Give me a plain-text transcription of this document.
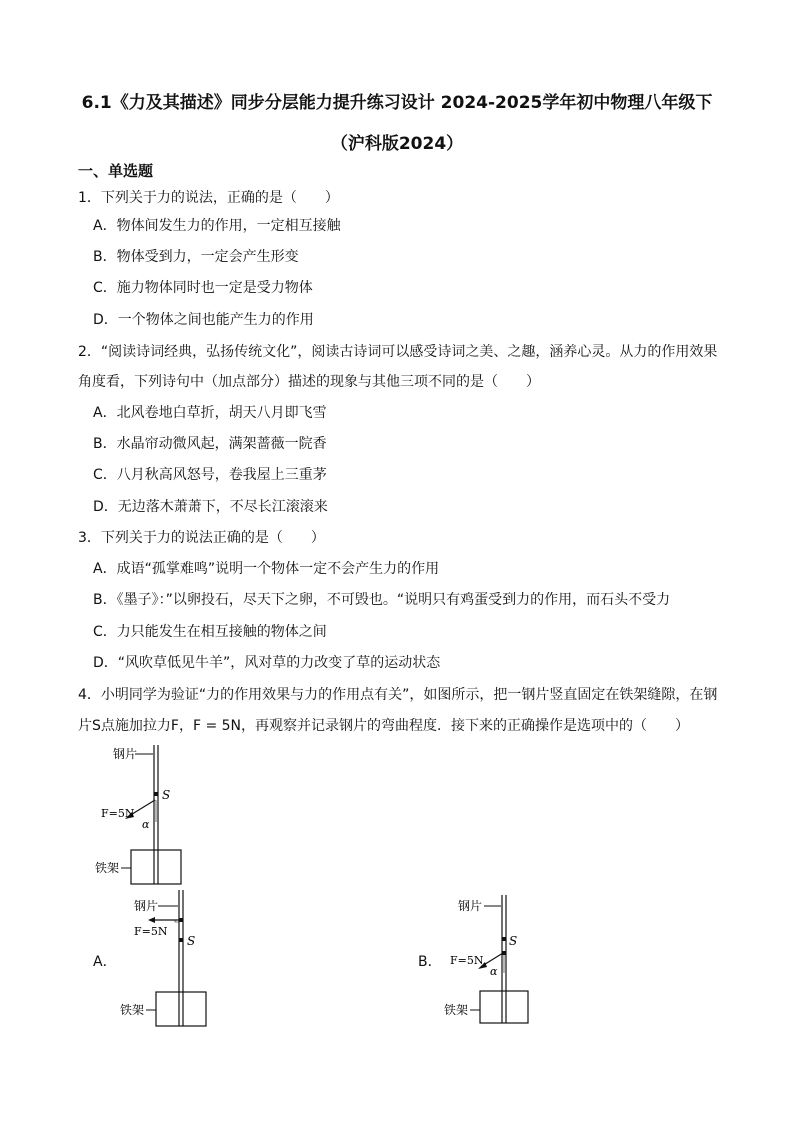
6.1《力及其描述》同步分层能力提升练习设计 2024-2025学年初中物理八年级下
（沪科版2024）
一、单选题
1．下列关于力的说法，正确的是（　　）
A．物体间发生力的作用，一定相互接触
B．物体受到力，一定会产生形变
C．施力物体同时也一定是受力物体
D．一个物体之间也能产生力的作用
2．“阅读诗词经典，弘扬传统文化”，阅读古诗词可以感受诗词之美、之趣，涵养心灵。从力的作用效果
角度看，下列诗句中（加点部分）描述的现象与其他三项不同的是（　　）
A．北风卷地白草折，胡天八月即飞雪
B．水晶帘动微风起，满架蔷薇一院香
C．八月秋高风怒号，卷我屋上三重茅
D．无边落木萧萧下，不尽长江滚滚来
3．下列关于力的说法正确的是（　　）
A．成语“孤掌难鸣”说明一个物体一定不会产生力的作用
B．《墨子》：”以卵投石，尽天下之卵，不可毁也。“说明只有鸡蛋受到力的作用，而石头不受力
C．力只能发生在相互接触的物体之间
D．“风吹草低见牛羊”，风对草的力改变了草的运动状态
4．小明同学为验证“力的作用效果与力的作用点有关”，如图所示，把一钢片竖直固定在铁架缝隙，在钢
片S点施加拉力F，F = 5N，再观察并记录钢片的弯曲程度．接下来的正确操作是选项中的（　　）
钢片
S
F=5N
α
铁架
A．
钢片
F=5N
S
铁架
B．
钢片
S
F=5N
α
铁架
